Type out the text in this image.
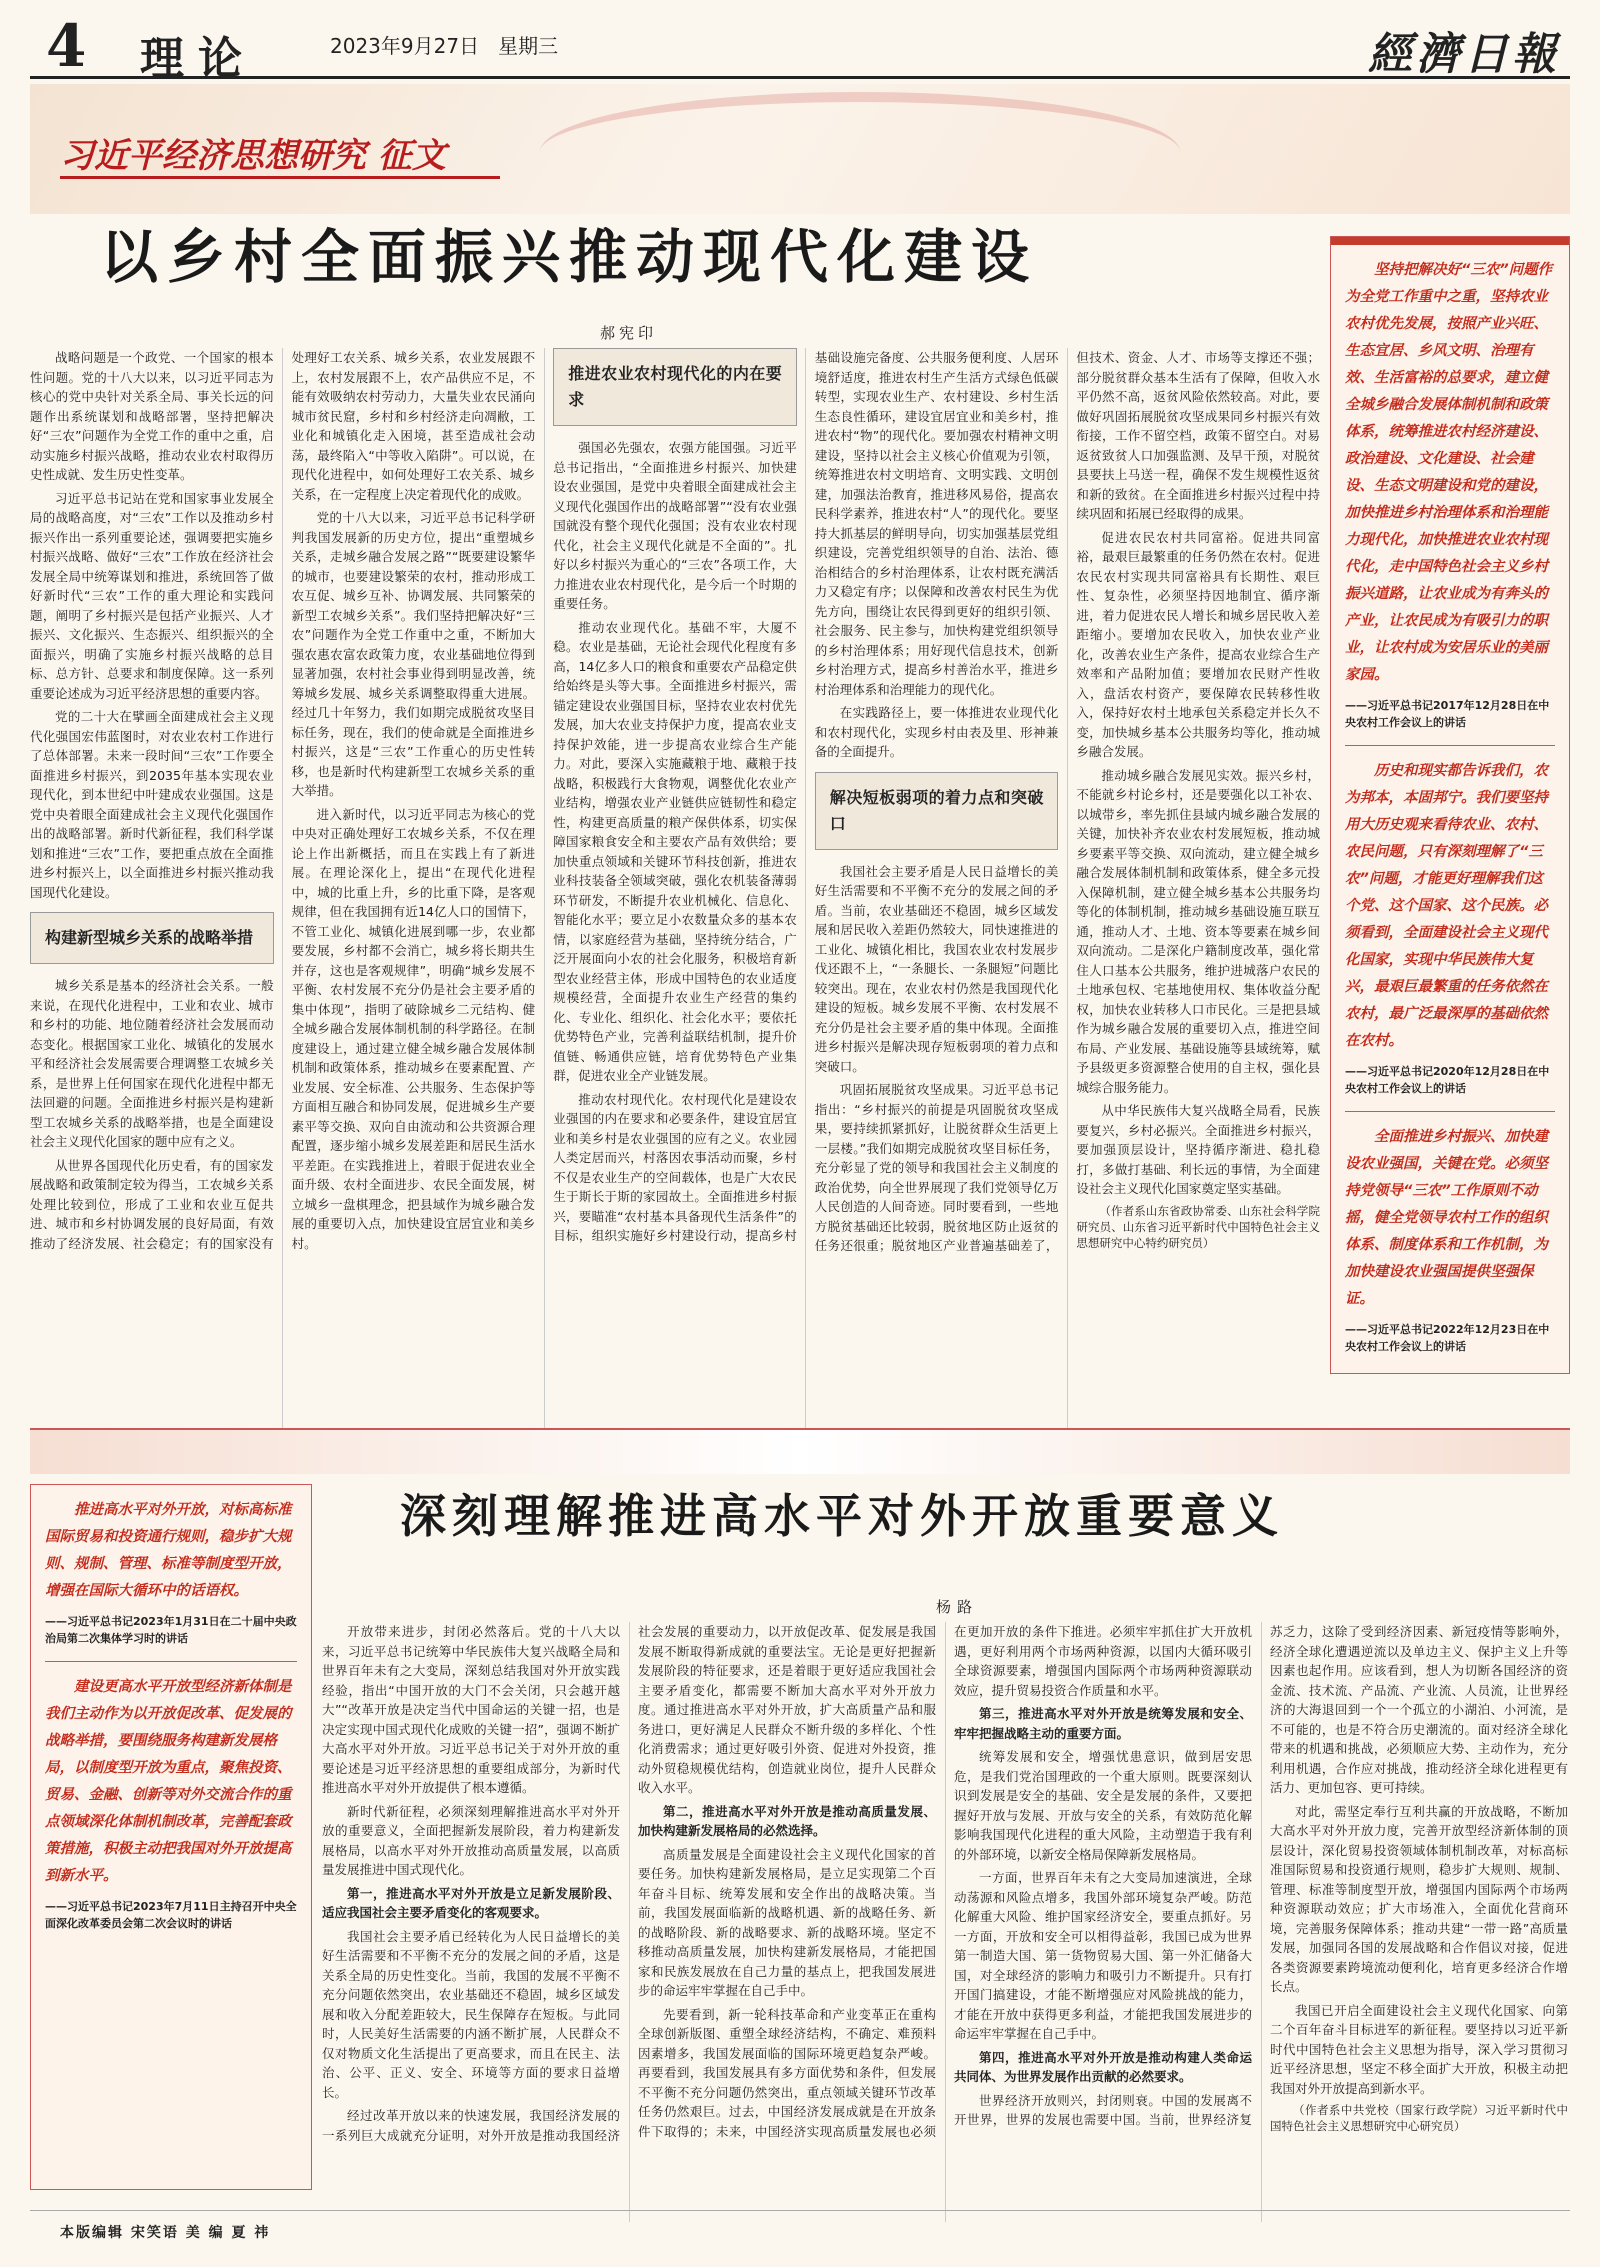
4 理论	2023年9月27日 星期三	經濟日報
习近平经济思想研究 征文
以乡村全面振兴推动现代化建设
郝宪印

战略问题是一个政党、一个国家的根本性问题。党的十八大以来，以习近平同志为核心的党中央针对关系全局、事关长远的问题作出系统谋划和战略部署，坚持把解决好“三农”问题作为全党工作的重中之重，启动实施乡村振兴战略，推动农业农村取得历史性成就、发生历史性变革。

习近平总书记站在党和国家事业发展全局的战略高度，对“三农”工作以及推动乡村振兴作出一系列重要论述，强调要把实施乡村振兴战略、做好“三农”工作放在经济社会发展全局中统筹谋划和推进，系统回答了做好新时代“三农”工作的重大理论和实践问题，阐明了乡村振兴是包括产业振兴、人才振兴、文化振兴、生态振兴、组织振兴的全面振兴，明确了实施乡村振兴战略的总目标、总方针、总要求和制度保障。这一系列重要论述成为习近平经济思想的重要内容。

党的二十大在擘画全面建成社会主义现代化强国宏伟蓝图时，对农业农村工作进行了总体部署。未来一段时间“三农”工作要全面推进乡村振兴，到2035年基本实现农业现代化，到本世纪中叶建成农业强国。这是党中央着眼全面建成社会主义现代化强国作出的战略部署。新时代新征程，我们科学谋划和推进“三农”工作，要把重点放在全面推进乡村振兴上，以全面推进乡村振兴推动我国现代化建设。

构建新型城乡关系的战略举措

城乡关系是基本的经济社会关系。一般来说，在现代化进程中，工业和农业、城市和乡村的功能、地位随着经济社会发展而动态变化。根据国家工业化、城镇化的发展水平和经济社会发展需要合理调整工农城乡关系，是世界上任何国家在现代化进程中都无法回避的问题。全面推进乡村振兴是构建新型工农城乡关系的战略举措，也是全面建设社会主义现代化国家的题中应有之义。

从世界各国现代化历史看，有的国家发展战略和政策制定较为得当，工农城乡关系处理比较到位，形成了工业和农业互促共进、城市和乡村协调发展的良好局面，有效推动了经济发展、社会稳定；有的国家没有处理好工农关系、城乡关系，农业发展跟不上，农村发展跟不上，农产品供应不足，不能有效吸纳农村劳动力，大量失业农民涌向城市贫民窟，乡村和乡村经济走向凋敝，工业化和城镇化走入困境，甚至造成社会动荡，最终陷入“中等收入陷阱”。可以说，在现代化进程中，如何处理好工农关系、城乡关系，在一定程度上决定着现代化的成败。

党的十八大以来，习近平总书记科学研判我国发展新的历史方位，提出“重塑城乡关系，走城乡融合发展之路”“既要建设繁华的城市，也要建设繁荣的农村，推动形成工农互促、城乡互补、协调发展、共同繁荣的新型工农城乡关系”。我们坚持把解决好“三农”问题作为全党工作重中之重，不断加大强农惠农富农政策力度，农业基础地位得到显著加强，农村社会事业得到明显改善，统筹城乡发展、城乡关系调整取得重大进展。经过几十年努力，我们如期完成脱贫攻坚目标任务，现在，我们的使命就是全面推进乡村振兴，这是“三农”工作重心的历史性转移，也是新时代构建新型工农城乡关系的重大举措。

进入新时代，以习近平同志为核心的党中央对正确处理好工农城乡关系，不仅在理论上作出新概括，而且在实践上有了新进展。在理论深化上，提出“在现代化进程中，城的比重上升，乡的比重下降，是客观规律，但在我国拥有近14亿人口的国情下，不管工业化、城镇化进展到哪一步，农业都要发展，乡村都不会消亡，城乡将长期共生并存，这也是客观规律”，明确“城乡发展不平衡、农村发展不充分仍是社会主要矛盾的集中体现”，指明了破除城乡二元结构、健全城乡融合发展体制机制的科学路径。在制度建设上，通过建立健全城乡融合发展体制机制和政策体系，推动城乡在要素配置、产业发展、安全标准、公共服务、生态保护等方面相互融合和协同发展，促进城乡生产要素平等交换、双向自由流动和公共资源合理配置，逐步缩小城乡发展差距和居民生活水平差距。在实践推进上，着眼于促进农业全面升级、农村全面进步、农民全面发展，树立城乡一盘棋理念，把县域作为城乡融合发展的重要切入点，加快建设宜居宜业和美乡村。

推进农业农村现代化的内在要求

强国必先强农，农强方能国强。习近平总书记指出，“全面推进乡村振兴、加快建设农业强国，是党中央着眼全面建成社会主义现代化强国作出的战略部署”“没有农业强国就没有整个现代化强国；没有农业农村现代化，社会主义现代化就是不全面的”。扎好以乡村振兴为重心的“三农”各项工作，大力推进农业农村现代化，是今后一个时期的重要任务。

推动农业现代化。基础不牢，大厦不稳。农业是基础，无论社会现代化程度有多高，14亿多人口的粮食和重要农产品稳定供给始终是头等大事。全面推进乡村振兴，需锚定建设农业强国目标，坚持农业农村优先发展，加大农业支持保护力度，提高农业支持保护效能，进一步提高农业综合生产能力。对此，要深入实施藏粮于地、藏粮于技战略，积极践行大食物观，调整优化农业产业结构，增强农业产业链供应链韧性和稳定性，构建更高质量的粮产保供体系，切实保障国家粮食安全和主要农产品有效供给；要加快重点领域和关键环节科技创新，推进农业科技装备全领域突破，强化农机装备薄弱环节研发，不断提升农业机械化、信息化、智能化水平；要立足小农数量众多的基本农情，以家庭经营为基础，坚持统分结合，广泛开展面向小农的社会化服务，积极培育新型农业经营主体，形成中国特色的农业适度规模经营，全面提升农业生产经营的集约化、专业化、组织化、社会化水平；要依托优势特色产业，完善利益联结机制，提升价值链、畅通供应链，培育优势特色产业集群，促进农业全产业链发展。

推动农村现代化。农村现代化是建设农业强国的内在要求和必要条件，建设宜居宜业和美乡村是农业强国的应有之义。农业园人类定居而兴，村落因农事活动而聚，乡村不仅是农业生产的空间载体，也是广大农民生于斯长于斯的家园故土。全面推进乡村振兴，要瞄准“农村基本具备现代生活条件”的目标，组织实施好乡村建设行动，提高乡村基础设施完备度、公共服务便利度、人居环境舒适度，推进农村生产生活方式绿色低碳转型，实现农业生产、农村建设、乡村生活生态良性循环，建设宜居宜业和美乡村，推进农村“物”的现代化。要加强农村精神文明建设，坚持以社会主义核心价值观为引领，统筹推进农村文明培育、文明实践、文明创建，加强法治教育，推进移风易俗，提高农民科学素养，推进农村“人”的现代化。要坚持大抓基层的鲜明导向，切实加强基层党组织建设，完善党组织领导的自治、法治、德治相结合的乡村治理体系，让农村既充满活力又稳定有序；以保障和改善农村民生为优先方向，围绕让农民得到更好的组织引领、社会服务、民主参与，加快构建党组织领导的乡村治理体系；用好现代信息技术，创新乡村治理方式，提高乡村善治水平，推进乡村治理体系和治理能力的现代化。

在实践路径上，要一体推进农业现代化和农村现代化，实现乡村由表及里、形神兼备的全面提升。

解决短板弱项的着力点和突破口

我国社会主要矛盾是人民日益增长的美好生活需要和不平衡不充分的发展之间的矛盾。当前，农业基础还不稳固，城乡区域发展和居民收入差距仍然较大，同快速推进的工业化、城镇化相比，我国农业农村发展步伐还跟不上，“一条腿长、一条腿短”问题比较突出。现在，农业农村仍然是我国现代化建设的短板。城乡发展不平衡、农村发展不充分仍是社会主要矛盾的集中体现。全面推进乡村振兴是解决现存短板弱项的着力点和突破口。

巩固拓展脱贫攻坚成果。习近平总书记指出：“乡村振兴的前提是巩固脱贫攻坚成果，要持续抓紧抓好，让脱贫群众生活更上一层楼。”我们如期完成脱贫攻坚目标任务，充分彰显了党的领导和我国社会主义制度的政治优势，向全世界展现了我们党领导亿万人民创造的人间奇迹。同时要看到，一些地方脱贫基础还比较弱，脱贫地区防止返贫的任务还很重；脱贫地区产业普遍基础差了，但技术、资金、人才、市场等支撑还不强；部分脱贫群众基本生活有了保障，但收入水平仍然不高，返贫风险依然较高。对此，要做好巩固拓展脱贫攻坚成果同乡村振兴有效衔接，工作不留空档，政策不留空白。对易返贫致贫人口加强监测、及早干预，对脱贫县要扶上马送一程，确保不发生规模性返贫和新的致贫。在全面推进乡村振兴过程中持续巩固和拓展已经取得的成果。

促进农民农村共同富裕。促进共同富裕，最艰巨最繁重的任务仍然在农村。促进农民农村实现共同富裕具有长期性、艰巨性、复杂性，必须坚持因地制宜、循序渐进，着力促进农民人增长和城乡居民收入差距缩小。要增加农民收入，加快农业产业化，改善农业生产条件，提高农业综合生产效率和产品附加值；要增加农民财产性收入，盘活农村资产，要保障农民转移性收入，保持好农村土地承包关系稳定并长久不变，加快城乡基本公共服务均等化，推动城乡融合发展。

推动城乡融合发展见实效。振兴乡村，不能就乡村论乡村，还是要强化以工补农、以城带乡，率先抓住县域内城乡融合发展的关键，加快补齐农业农村发展短板，推动城乡要素平等交换、双向流动，建立健全城乡融合发展体制机制和政策体系，健全多元投入保障机制，建立健全城乡基本公共服务均等化的体制机制，推动城乡基础设施互联互通，推动人才、土地、资本等要素在城乡间双向流动。二是深化户籍制度改革，强化常住人口基本公共服务，维护进城落户农民的土地承包权、宅基地使用权、集体收益分配权，加快农业转移人口市民化。三是把县域作为城乡融合发展的重要切入点，推进空间布局、产业发展、基础设施等县域统筹，赋予县级更多资源整合使用的自主权，强化县城综合服务能力。

从中华民族伟大复兴战略全局看，民族要复兴，乡村必振兴。全面推进乡村振兴，要加强顶层设计，坚持循序渐进、稳扎稳打，多做打基础、利长远的事情，为全面建设社会主义现代化国家奠定坚实基础。

（作者系山东省政协常委、山东社会科学院研究员、山东省习近平新时代中国特色社会主义思想研究中心特约研究员）

坚持把解决好“三农”问题作为全党工作重中之重，坚持农业农村优先发展，按照产业兴旺、生态宜居、乡风文明、治理有效、生活富裕的总要求，建立健全城乡融合发展体制机制和政策体系，统筹推进农村经济建设、政治建设、文化建设、社会建设、生态文明建设和党的建设，加快推进乡村治理体系和治理能力现代化，加快推进农业农村现代化，走中国特色社会主义乡村振兴道路，让农业成为有奔头的产业，让农民成为有吸引力的职业，让农村成为安居乐业的美丽家园。
——习近平总书记2017年12月28日在中央农村工作会议上的讲话
历史和现实都告诉我们，农为邦本，本固邦宁。我们要坚持用大历史观来看待农业、农村、农民问题，只有深刻理解了“三农”问题，才能更好理解我们这个党、这个国家、这个民族。必须看到，全面建设社会主义现代化国家，实现中华民族伟大复兴，最艰巨最繁重的任务依然在农村，最广泛最深厚的基础依然在农村。
——习近平总书记2020年12月28日在中央农村工作会议上的讲话
全面推进乡村振兴、加快建设农业强国，关键在党。必须坚持党领导“三农”工作原则不动摇，健全党领导农村工作的组织体系、制度体系和工作机制，为加快建设农业强国提供坚强保证。
——习近平总书记2022年12月23日在中央农村工作会议上的讲话
深刻理解推进高水平对外开放重要意义
杨路
推进高水平对外开放，对标高标准国际贸易和投资通行规则，稳步扩大规则、规制、管理、标准等制度型开放，增强在国际大循环中的话语权。
——习近平总书记2023年1月31日在二十届中央政治局第二次集体学习时的讲话
建设更高水平开放型经济新体制是我们主动作为以开放促改革、促发展的战略举措，要围绕服务构建新发展格局，以制度型开放为重点，聚焦投资、贸易、金融、创新等对外交流合作的重点领域深化体制机制改革，完善配套政策措施，积极主动把我国对外开放提高到新水平。
——习近平总书记2023年7月11日主持召开中央全面深化改革委员会第二次会议时的讲话

开放带来进步，封闭必然落后。党的十八大以来，习近平总书记统筹中华民族伟大复兴战略全局和世界百年未有之大变局，深刻总结我国对外开放实践经验，指出“中国开放的大门不会关闭，只会越开越大”“改革开放是决定当代中国命运的关键一招，也是决定实现中国式现代化成败的关键一招”，强调不断扩大高水平对外开放。习近平总书记关于对外开放的重要论述是习近平经济思想的重要组成部分，为新时代推进高水平对外开放提供了根本遵循。

新时代新征程，必须深刻理解推进高水平对外开放的重要意义，全面把握新发展阶段，着力构建新发展格局，以高水平对外开放推动高质量发展，以高质量发展推进中国式现代化。

第一，推进高水平对外开放是立足新发展阶段、适应我国社会主要矛盾变化的客观要求。

我国社会主要矛盾已经转化为人民日益增长的美好生活需要和不平衡不充分的发展之间的矛盾，这是关系全局的历史性变化。当前，我国的发展不平衡不充分问题依然突出，农业基础还不稳固，城乡区域发展和收入分配差距较大，民生保障存在短板。与此同时，人民美好生活需要的内涵不断扩展，人民群众不仅对物质文化生活提出了更高要求，而且在民主、法治、公平、正义、安全、环境等方面的要求日益增长。

经过改革开放以来的快速发展，我国经济发展的一系列巨大成就充分证明，对外开放是推动我国经济社会发展的重要动力，以开放促改革、促发展是我国发展不断取得新成就的重要法宝。无论是更好把握新发展阶段的特征要求，还是着眼于更好适应我国社会主要矛盾变化，都需要不断加大高水平对外开放力度。通过推进高水平对外开放，扩大高质量产品和服务进口，更好满足人民群众不断升级的多样化、个性化消费需求；通过更好吸引外资、促进对外投资，推动外贸稳规模优结构，创造就业岗位，提升人民群众收入水平。

第二，推进高水平对外开放是推动高质量发展、加快构建新发展格局的必然选择。

高质量发展是全面建设社会主义现代化国家的首要任务。加快构建新发展格局，是立足实现第二个百年奋斗目标、统筹发展和安全作出的战略决策。当前，我国发展面临新的战略机遇、新的战略任务、新的战略阶段、新的战略要求、新的战略环境。坚定不移推动高质量发展，加快构建新发展格局，才能把国家和民族发展放在自己力量的基点上，把我国发展进步的命运牢牢掌握在自己手中。

先要看到，新一轮科技革命和产业变革正在重构全球创新版图、重塑全球经济结构，不确定、难预料因素增多，我国发展面临的国际环境更趋复杂严峻。再要看到，我国发展具有多方面优势和条件，但发展不平衡不充分问题仍然突出，重点领域关键环节改革任务仍然艰巨。过去，中国经济发展成就是在开放条件下取得的；未来，中国经济实现高质量发展也必须在更加开放的条件下推进。必须牢牢抓住扩大开放机遇，更好利用两个市场两种资源，以国内大循环吸引全球资源要素，增强国内国际两个市场两种资源联动效应，提升贸易投资合作质量和水平。

第三，推进高水平对外开放是统筹发展和安全、牢牢把握战略主动的重要方面。

统筹发展和安全，增强忧患意识，做到居安思危，是我们党治国理政的一个重大原则。既要深刻认识到发展是安全的基础、安全是发展的条件，又要把握好开放与发展、开放与安全的关系，有效防范化解影响我国现代化进程的重大风险，主动塑造于我有利的外部环境，以新安全格局保障新发展格局。

一方面，世界百年未有之大变局加速演进，全球动荡源和风险点增多，我国外部环境复杂严峻。防范化解重大风险、维护国家经济安全，要重点抓好。另一方面，开放和安全可以相得益彰，我国已成为世界第一制造大国、第一货物贸易大国、第一外汇储备大国，对全球经济的影响力和吸引力不断提升。只有打开国门搞建设，才能不断增强应对风险挑战的能力，才能在开放中获得更多利益，才能把我国发展进步的命运牢牢掌握在自己手中。

第四，推进高水平对外开放是推动构建人类命运共同体、为世界发展作出贡献的必然要求。

世界经济开放则兴，封闭则衰。中国的发展离不开世界，世界的发展也需要中国。当前，世界经济复苏乏力，这除了受到经济因素、新冠疫情等影响外，经济全球化遭遇逆流以及单边主义、保护主义上升等因素也起作用。应该看到，想人为切断各国经济的资金流、技术流、产品流、产业流、人员流，让世界经济的大海退回到一个一个孤立的小湖泊、小河流，是不可能的，也是不符合历史潮流的。面对经济全球化带来的机遇和挑战，必须顺应大势、主动作为，充分利用机遇，合作应对挑战，推动经济全球化进程更有活力、更加包容、更可持续。

对此，需坚定奉行互利共赢的开放战略，不断加大高水平对外开放力度，完善开放型经济新体制的顶层设计，深化贸易投资领域体制机制改革，对标高标准国际贸易和投资通行规则，稳步扩大规则、规制、管理、标准等制度型开放，增强国内国际两个市场两种资源联动效应；扩大市场准入，全面优化营商环境，完善服务保障体系；推动共建“一带一路”高质量发展，加强同各国的发展战略和合作倡议对接，促进各类资源要素跨境流动便利化，培育更多经济合作增长点。

我国已开启全面建设社会主义现代化国家、向第二个百年奋斗目标进军的新征程。要坚持以习近平新时代中国特色社会主义思想为指导，深入学习贯彻习近平经济思想，坚定不移全面扩大开放，积极主动把我国对外开放提高到新水平。

（作者系中共党校（国家行政学院）习近平新时代中国特色社会主义思想研究中心研究员）

本版编辑 宋笑语 美 编 夏 祎
